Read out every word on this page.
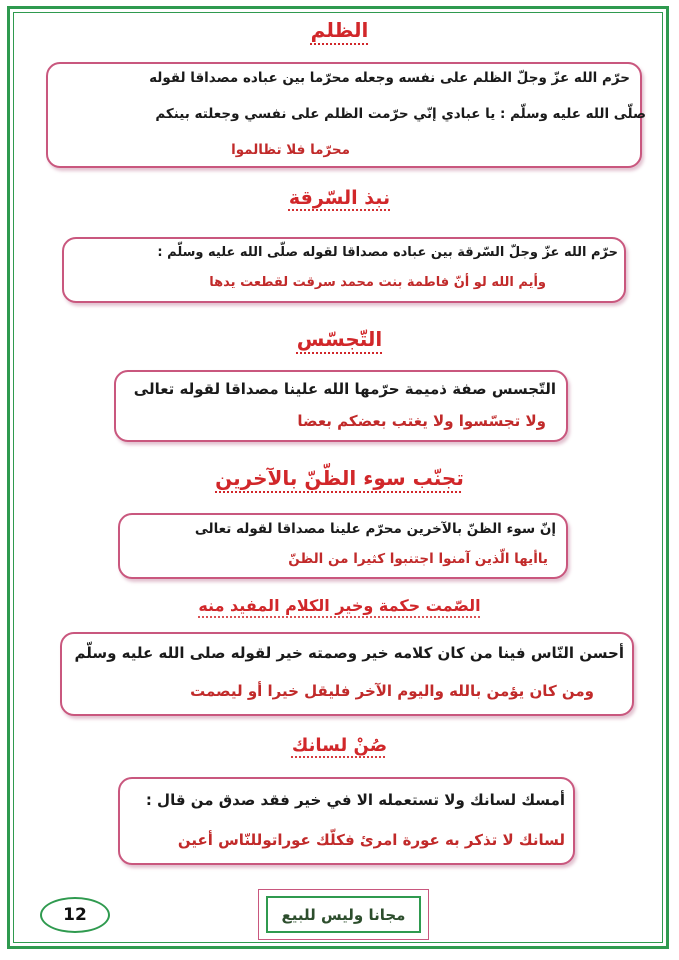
الظلم
حرّم الله عزّ وجلّ الظلم على نفسه وجعله محرّما بين عباده مصداقا لقوله
صلّى الله عليه وسلّم : يا عبادي إنّي حرّمت الظلم على نفسي وجعلته بينكم
محرّما فلا تظالموا
نبذ السّرقة
حرّم الله عزّ وجلّ السّرقة بين عباده مصداقا لقوله صلّى الله عليه وسلّم :
وأيم الله لو أنّ فاطمة بنت محمد سرقت لقطعت يدها
التّجسّس
التّجسس صفة ذميمة حرّمها الله علينا مصداقا لقوله تعالى
ولا تجسّسوا ولا يغتب بعضكم بعضا
تجنّب سوء الظّنّ بالآخرين
إنّ سوء الظنّ بالآخرين محرّم علينا مصداقا لقوله تعالى
ياأيها الّذين آمنوا اجتنبوا كثيرا من الظنّ
الصّمت حكمة وخير الكلام المفيد منه
أحسن النّاس فينا من كان كلامه خير وصمته خير لقوله صلى الله عليه وسلّم
ومن كان يؤمن بالله واليوم الآخر فليقل خيرا أو ليصمت
صُنْ لسانك
أمسك لسانك ولا تستعمله الا في خير فقد صدق من قال :
لسانك لا تذكر به عورة امرئ فكلّك عوراتوللنّاس أعين
12	مجانا وليس للبيع
